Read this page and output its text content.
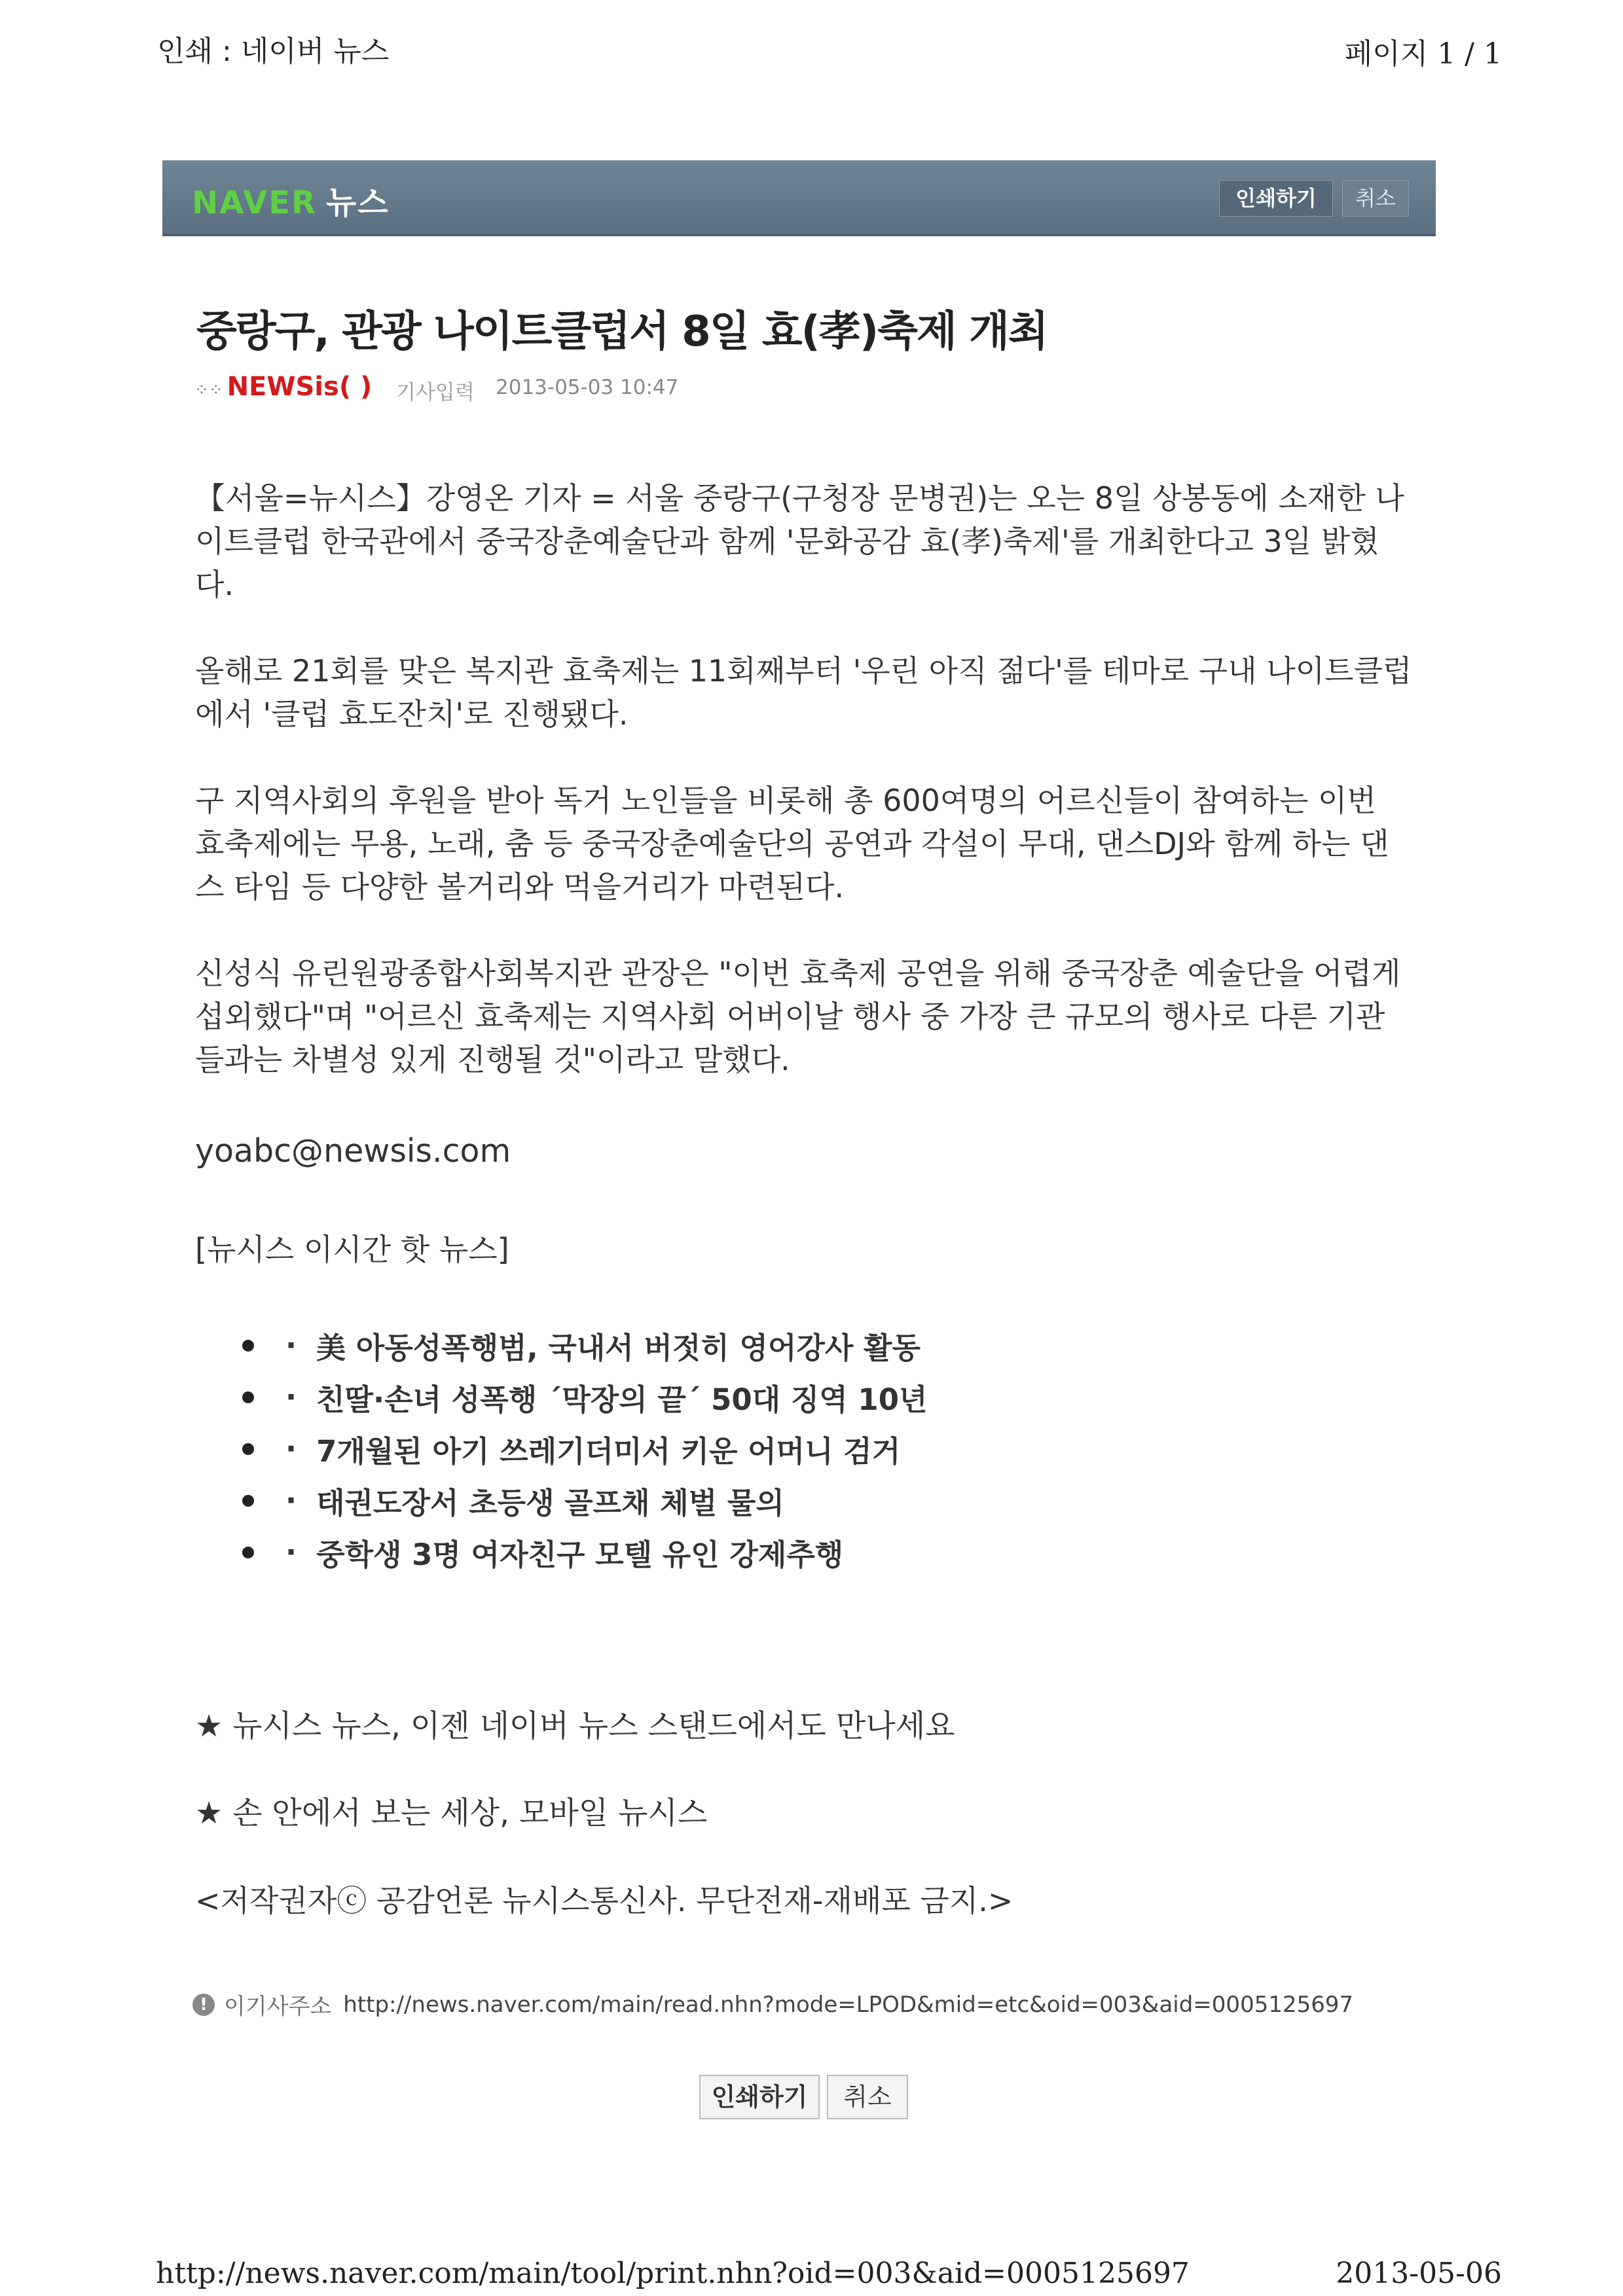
인쇄 : 네이버 뉴스	페이지 1 / 1
NAVER 뉴스	인쇄하기	취소
중랑구, 관광 나이트클럽서 8일 효(孝)축제 개최
⁘⁘ NEWSis( ) 기사입력 2013-05-03 10:47

【서울=뉴시스】강영온 기자 = 서울 중랑구(구청장 문병권)는 오는 8일 상봉동에 소재한 나이트클럽 한국관에서 중국장춘예술단과 함께 '문화공감 효(孝)축제'를 개최한다고 3일 밝혔다.

올해로 21회를 맞은 복지관 효축제는 11회째부터 '우린 아직 젊다'를 테마로 구내 나이트클럽에서 '클럽 효도잔치'로 진행됐다.

구 지역사회의 후원을 받아 독거 노인들을 비롯해 총 600여명의 어르신들이 참여하는 이번 효축제에는 무용, 노래, 춤 등 중국장춘예술단의 공연과 각설이 무대, 댄스DJ와 함께 하는 댄스 타임 등 다양한 볼거리와 먹을거리가 마련된다.

신성식 유린원광종합사회복지관 관장은 "이번 효축제 공연을 위해 중국장춘 예술단을 어렵게 섭외했다"며 "어르신 효축제는 지역사회 어버이날 행사 중 가장 큰 규모의 행사로 다른 기관들과는 차별성 있게 진행될 것"이라고 말했다.

yoabc@newsis.com
[뉴시스 이시간 핫 뉴스]
· 美 아동성폭행범, 국내서 버젓히 영어강사 활동
· 친딸·손녀 성폭행 ´막장의 끝´ 50대 징역 10년
· 7개월된 아기 쓰레기더미서 키운 어머니 검거
· 태권도장서 초등생 골프채 체벌 물의
· 중학생 3명 여자친구 모텔 유인 강제추행
★ 뉴시스 뉴스, 이젠 네이버 뉴스 스탠드에서도 만나세요
★ 손 안에서 보는 세상, 모바일 뉴시스
<저작권자ⓒ 공감언론 뉴시스통신사. 무단전재-재배포 금지.>
! 이기사주소 http://news.naver.com/main/read.nhn?mode=LPOD&mid=etc&oid=003&aid=0005125697
인쇄하기	취소
http://news.naver.com/main/tool/print.nhn?oid=003&aid=0005125697	2013-05-06
